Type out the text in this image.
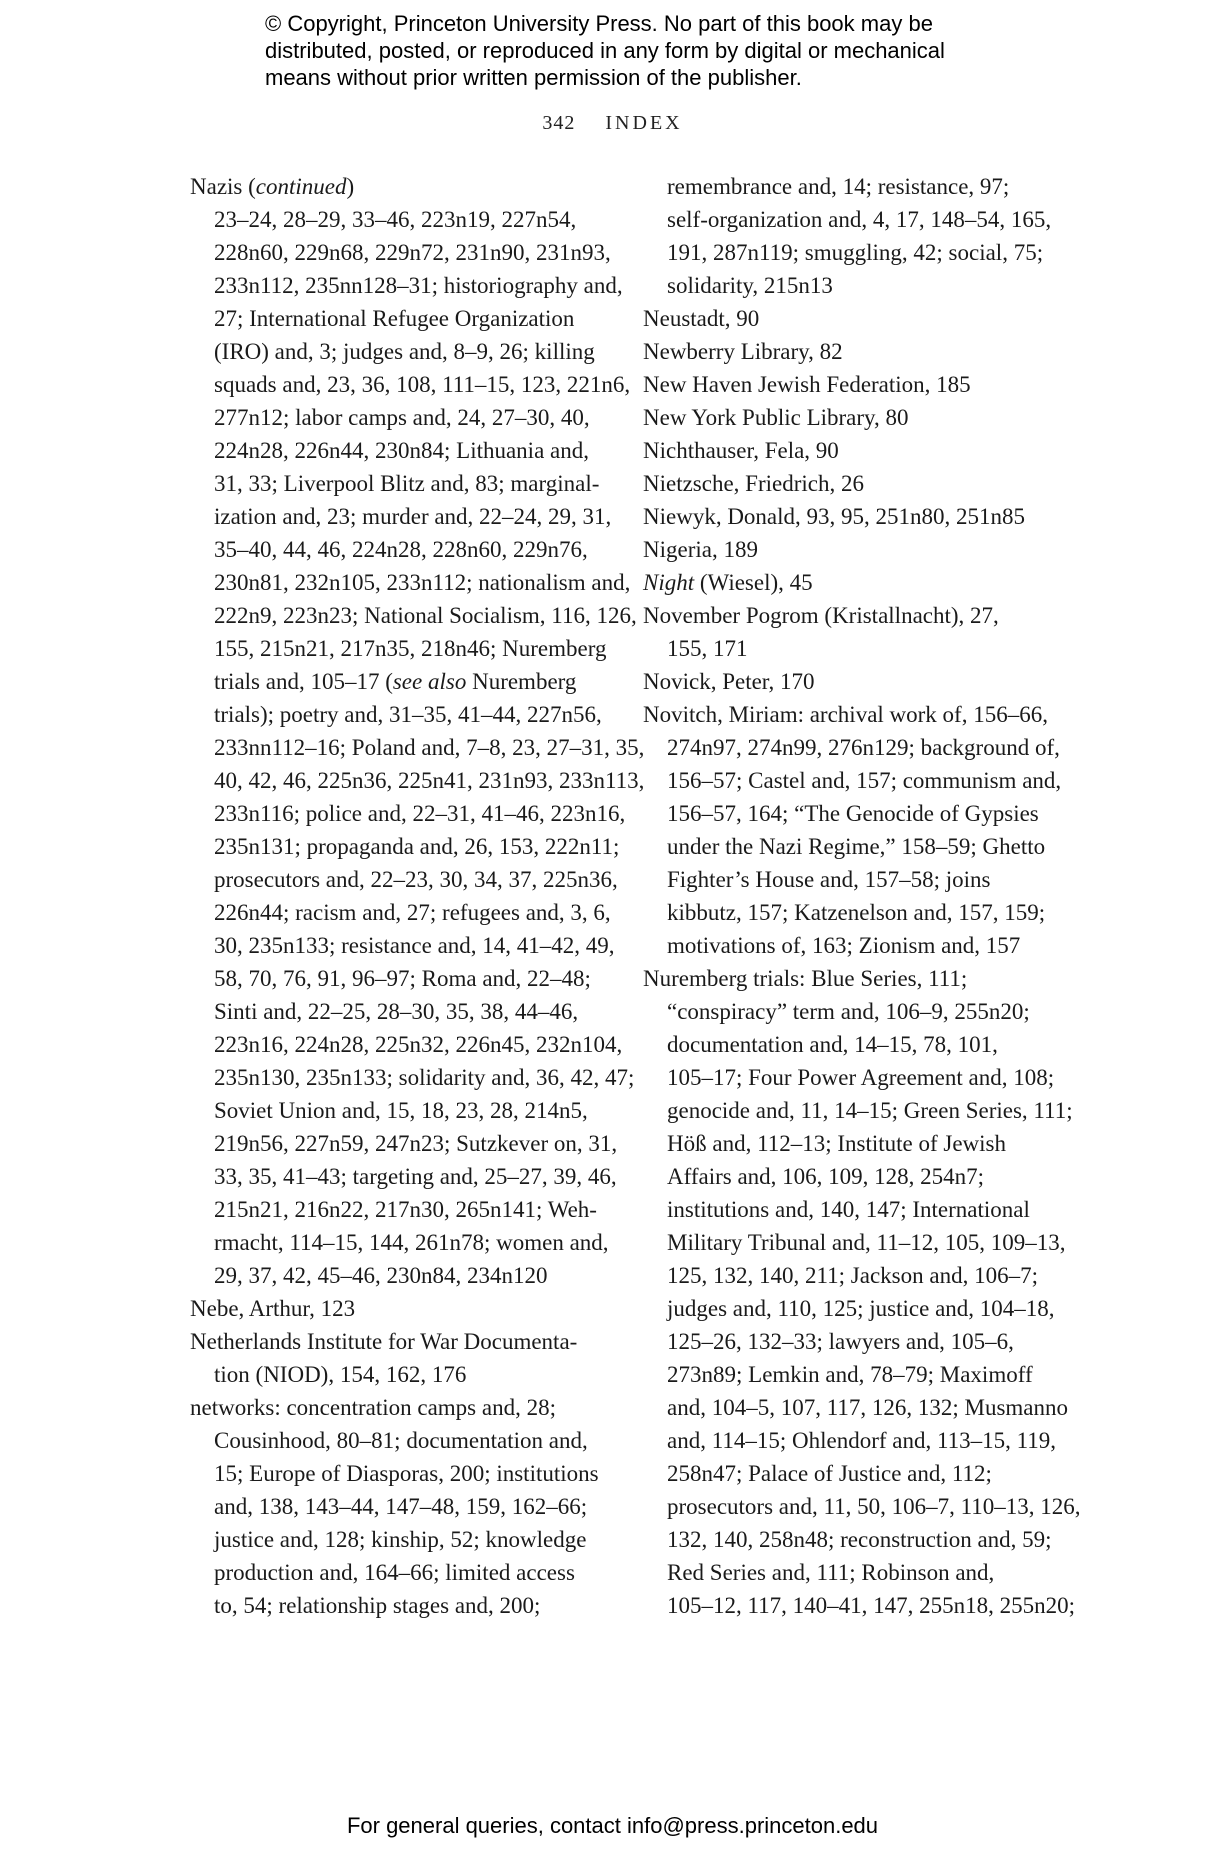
© Copyright, Princeton University Press. No part of this book may be
distributed, posted, or reproduced in any form by digital or mechanical
means without prior written permission of the publisher.
342 INDEX
Nazis (continued)
23–24, 28–29, 33–46, 223n19, 227n54,
228n60, 229n68, 229n72, 231n90, 231n93,
233n112, 235nn128–31; historiography and,
27; International Refugee Organization
(IRO) and, 3; judges and, 8–9, 26; killing
squads and, 23, 36, 108, 111–15, 123, 221n6,
277n12; labor camps and, 24, 27–30, 40,
224n28, 226n44, 230n84; Lithuania and,
31, 33; Liverpool Blitz and, 83; marginal-
ization and, 23; murder and, 22–24, 29, 31,
35–40, 44, 46, 224n28, 228n60, 229n76,
230n81, 232n105, 233n112; nationalism and,
222n9, 223n23; National Socialism, 116, 126,
155, 215n21, 217n35, 218n46; Nuremberg
trials and, 105–17 (see also Nuremberg
trials); poetry and, 31–35, 41–44, 227n56,
233nn112–16; Poland and, 7–8, 23, 27–31, 35,
40, 42, 46, 225n36, 225n41, 231n93, 233n113,
233n116; police and, 22–31, 41–46, 223n16,
235n131; propaganda and, 26, 153, 222n11;
prosecutors and, 22–23, 30, 34, 37, 225n36,
226n44; racism and, 27; refugees and, 3, 6,
30, 235n133; resistance and, 14, 41–42, 49,
58, 70, 76, 91, 96–97; Roma and, 22–48;
Sinti and, 22–25, 28–30, 35, 38, 44–46,
223n16, 224n28, 225n32, 226n45, 232n104,
235n130, 235n133; solidarity and, 36, 42, 47;
Soviet Union and, 15, 18, 23, 28, 214n5,
219n56, 227n59, 247n23; Sutzkever on, 31,
33, 35, 41–43; targeting and, 25–27, 39, 46,
215n21, 216n22, 217n30, 265n141; Weh-
rmacht, 114–15, 144, 261n78; women and,
29, 37, 42, 45–46, 230n84, 234n120
Nebe, Arthur, 123
Netherlands Institute for War Documenta-
tion (NIOD), 154, 162, 176
networks: concentration camps and, 28;
Cousinhood, 80–81; documentation and,
15; Europe of Diasporas, 200; institutions
and, 138, 143–44, 147–48, 159, 162–66;
justice and, 128; kinship, 52; knowledge
production and, 164–66; limited access
to, 54; relationship stages and, 200;
remembrance and, 14; resistance, 97;
self-organization and, 4, 17, 148–54, 165,
191, 287n119; smuggling, 42; social, 75;
solidarity, 215n13
Neustadt, 90
Newberry Library, 82
New Haven Jewish Federation, 185
New York Public Library, 80
Nichthauser, Fela, 90
Nietzsche, Friedrich, 26
Niewyk, Donald, 93, 95, 251n80, 251n85
Nigeria, 189
Night (Wiesel), 45
November Pogrom (Kristallnacht), 27,
155, 171
Novick, Peter, 170
Novitch, Miriam: archival work of, 156–66,
274n97, 274n99, 276n129; background of,
156–57; Castel and, 157; communism and,
156–57, 164; “The Genocide of Gypsies
under the Nazi Regime,” 158–59; Ghetto
Fighter’s House and, 157–58; joins
kibbutz, 157; Katzenelson and, 157, 159;
motivations of, 163; Zionism and, 157
Nuremberg trials: Blue Series, 111;
“conspiracy” term and, 106–9, 255n20;
documentation and, 14–15, 78, 101,
105–17; Four Power Agreement and, 108;
genocide and, 11, 14–15; Green Series, 111;
Höß and, 112–13; Institute of Jewish
Affairs and, 106, 109, 128, 254n7;
institutions and, 140, 147; International
Military Tribunal and, 11–12, 105, 109–13,
125, 132, 140, 211; Jackson and, 106–7;
judges and, 110, 125; justice and, 104–18,
125–26, 132–33; lawyers and, 105–6,
273n89; Lemkin and, 78–79; Maximoff
and, 104–5, 107, 117, 126, 132; Musmanno
and, 114–15; Ohlendorf and, 113–15, 119,
258n47; Palace of Justice and, 112;
prosecutors and, 11, 50, 106–7, 110–13, 126,
132, 140, 258n48; reconstruction and, 59;
Red Series and, 111; Robinson and,
105–12, 117, 140–41, 147, 255n18, 255n20;
For general queries, contact info@press.princeton.edu
